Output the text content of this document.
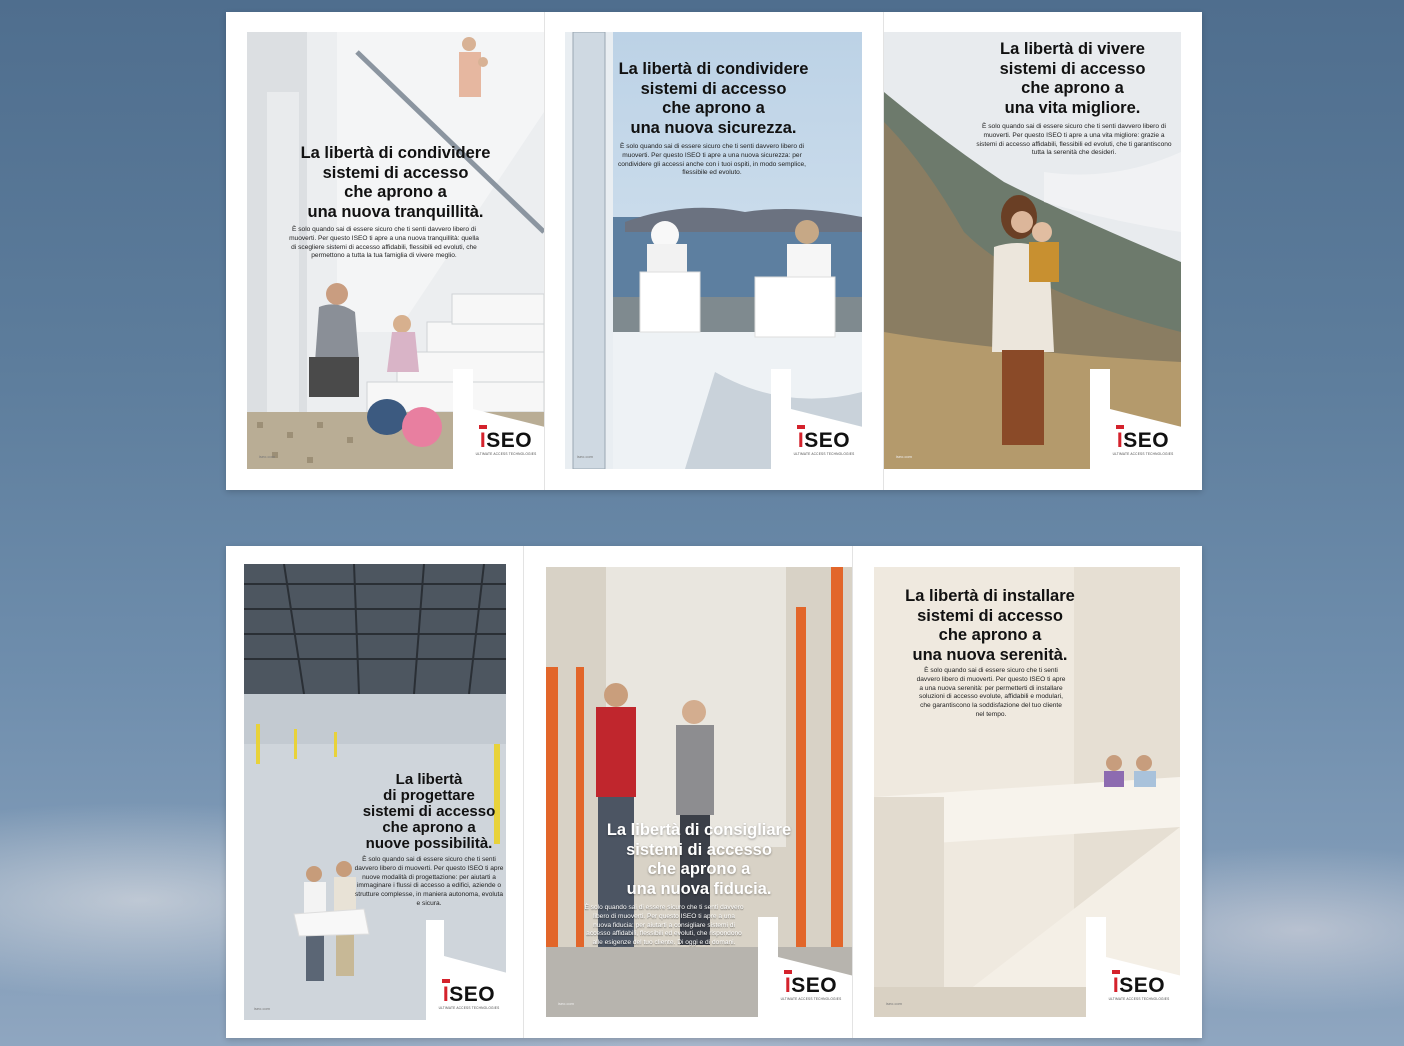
La libertà di condividere
sistemi di accesso
che aprono a
una nuova tranquillità.
È solo quando sai di essere sicuro che ti senti davvero libero di muoverti. Per questo ISEO ti apre a una nuova tranquillità: quella di scegliere sistemi di accesso affidabili, flessibili ed evoluti, che permettono a tutta la tua famiglia di vivere meglio.
ISEO
ULTIMATE ACCESS TECHNOLOGIES
iseo.com
La libertà di condividere
sistemi di accesso
che aprono a
una nuova sicurezza.
È solo quando sai di essere sicuro che ti senti davvero libero di muoverti. Per questo ISEO ti apre a una nuova sicurezza: per condividere gli accessi anche con i tuoi ospiti, in modo semplice, flessibile ed evoluto.
ISEO
ULTIMATE ACCESS TECHNOLOGIES
iseo.com
La libertà di vivere
sistemi di accesso
che aprono a
una vita migliore.
È solo quando sai di essere sicuro che ti senti davvero libero di muoverti. Per questo ISEO ti apre a una vita migliore: grazie a sistemi di accesso affidabili, flessibili ed evoluti, che ti garantiscono tutta la serenità che desideri.
ISEO
ULTIMATE ACCESS TECHNOLOGIES
iseo.com
La libertà
di progettare
sistemi di accesso
che aprono a
nuove possibilità.
È solo quando sai di essere sicuro che ti senti davvero libero di muoverti. Per questo ISEO ti apre nuove modalità di progettazione: per aiutarti a immaginare i flussi di accesso a edifici, aziende o strutture complesse, in maniera autonoma, evoluta e sicura.
ISEO
ULTIMATE ACCESS TECHNOLOGIES
iseo.com
La libertà di consigliare
sistemi di accesso
che aprono a
una nuova fiducia.
È solo quando sai di essere sicuro che ti senti davvero libero di muoverti. Per questo ISEO ti apre a una nuova fiducia: per aiutarti a consigliare sistemi di accesso affidabili, flessibili ed evoluti, che rispondono alle esigenze del tuo cliente. Di oggi e di domani.
ISEO
ULTIMATE ACCESS TECHNOLOGIES
iseo.com
La libertà di installare
sistemi di accesso
che aprono a
una nuova serenità.
È solo quando sai di essere sicuro che ti senti davvero libero di muoverti. Per questo ISEO ti apre a una nuova serenità: per permetterti di installare soluzioni di accesso evolute, affidabili e modulari, che garantiscono la soddisfazione del tuo cliente nel tempo.
ISEO
ULTIMATE ACCESS TECHNOLOGIES
iseo.com
